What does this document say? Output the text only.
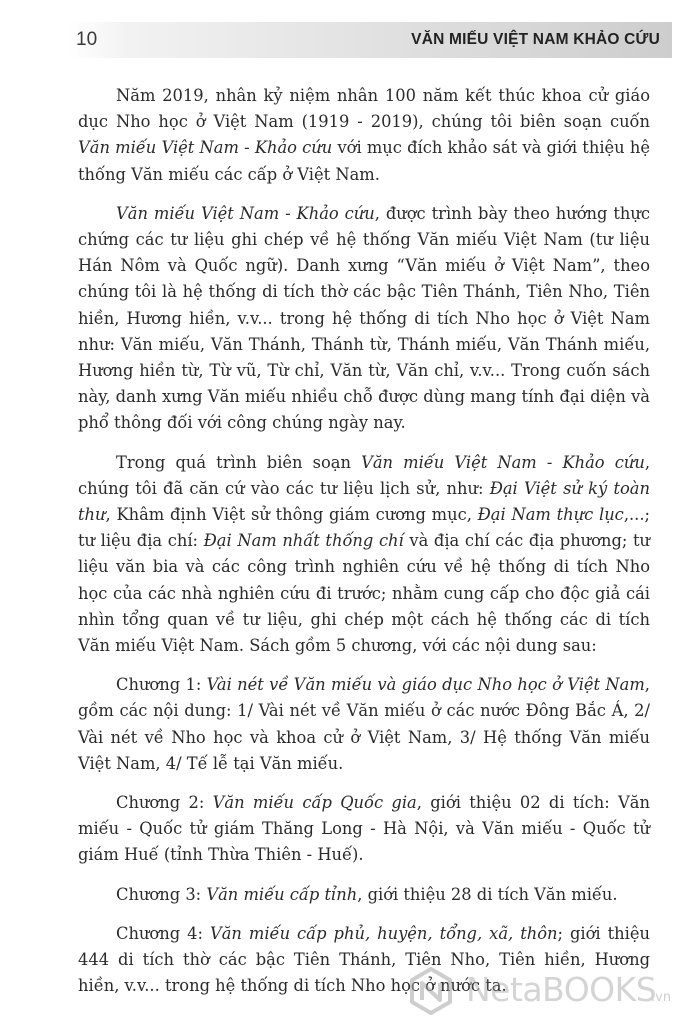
10	VĂN MIẾU VIỆT NAM KHẢO CỨU

Năm 2019, nhân kỷ niệm nhân 100 năm kết thúc khoa cử giáo dục Nho học ở Việt Nam (1919 - 2019), chúng tôi biên soạn cuốn Văn miếu Việt Nam - Khảo cứu với mục đích khảo sát và giới thiệu hệ thống Văn miếu các cấp ở Việt Nam.

Văn miếu Việt Nam - Khảo cứu, được trình bày theo hướng thực chứng các tư liệu ghi chép về hệ thống Văn miếu Việt Nam (tư liệu Hán Nôm và Quốc ngữ). Danh xưng “Văn miếu ở Việt Nam”, theo chúng tôi là hệ thống di tích thờ các bậc Tiên Thánh, Tiên Nho, Tiên hiền, Hương hiền, v.v... trong hệ thống di tích Nho học ở Việt Nam như: Văn miếu, Văn Thánh, Thánh từ, Thánh miếu, Văn Thánh miếu, Hương hiền từ, Từ vũ, Từ chỉ, Văn từ, Văn chỉ, v.v... Trong cuốn sách này, danh xưng Văn miếu nhiều chỗ được dùng mang tính đại diện và phổ thông đối với công chúng ngày nay.

Trong quá trình biên soạn Văn miếu Việt Nam - Khảo cứu, chúng tôi đã căn cứ vào các tư liệu lịch sử, như: Đại Việt sử ký toàn thư, Khâm định Việt sử thông giám cương mục, Đại Nam thực lục,...; tư liệu địa chí: Đại Nam nhất thống chí và địa chí các địa phương; tư liệu văn bia và các công trình nghiên cứu về hệ thống di tích Nho học của các nhà nghiên cứu đi trước; nhằm cung cấp cho độc giả cái nhìn tổng quan về tư liệu, ghi chép một cách hệ thống các di tích Văn miếu Việt Nam. Sách gồm 5 chương, với các nội dung sau:

Chương 1: Vài nét về Văn miếu và giáo dục Nho học ở Việt Nam, gồm các nội dung: 1/ Vài nét về Văn miếu ở các nước Đông Bắc Á, 2/ Vài nét về Nho học và khoa cử ở Việt Nam, 3/ Hệ thống Văn miếu Việt Nam, 4/ Tế lễ tại Văn miếu.

Chương 2: Văn miếu cấp Quốc gia, giới thiệu 02 di tích: Văn miếu - Quốc tử giám Thăng Long - Hà Nội, và Văn miếu - Quốc tử giám Huế (tỉnh Thừa Thiên - Huế).

Chương 3: Văn miếu cấp tỉnh, giới thiệu 28 di tích Văn miếu.

Chương 4: Văn miếu cấp phủ, huyện, tổng, xã, thôn; giới thiệu 444 di tích thờ các bậc Tiên Thánh, Tiên Nho, Tiên hiền, Hương hiền, v.v... trong hệ thống di tích Nho học ở nước ta.

NetaBOOKS
.vn
